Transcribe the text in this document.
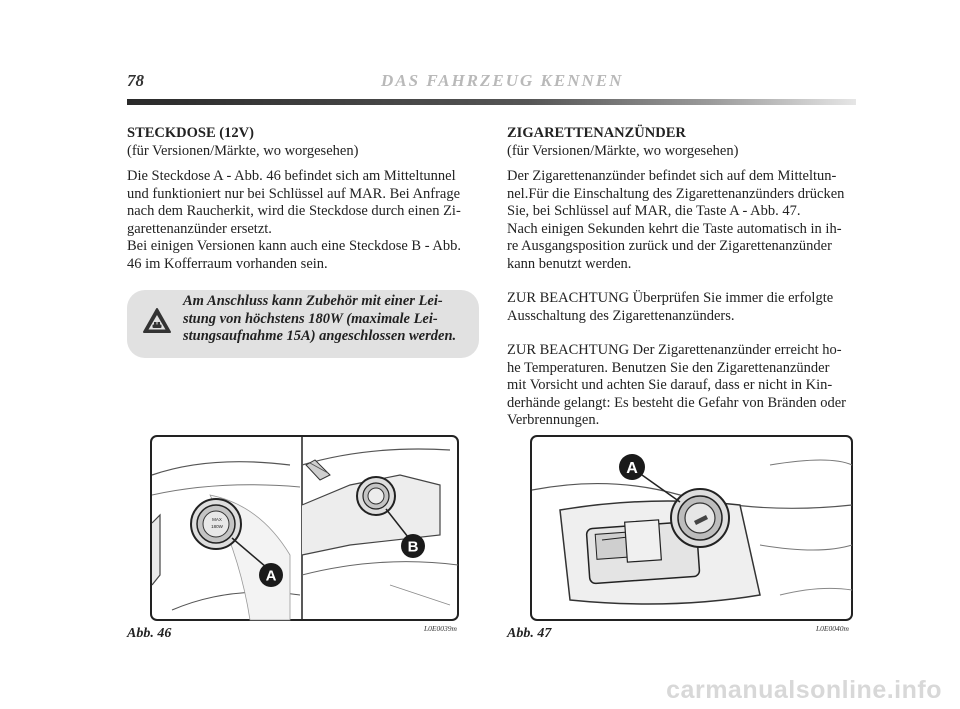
78	DAS FAHRZEUG KENNEN

STECKDOSE (12V)

(für Versionen/Märkte, wo worgesehen)

Die Steckdose A - Abb. 46 befindet sich am Mitteltunnel

und funktioniert nur bei Schlüssel auf MAR. Bei Anfrage

nach dem Raucherkit, wird die Steckdose durch einen Zi-

garettenanzünder ersetzt.

Bei einigen Versionen kann auch eine Steckdose B - Abb.

46 im Kofferraum vorhanden sein.

Am Anschluss kann Zubehör mit einer Lei-
stung von höchstens 180W (maximale Lei-
stungsaufnahme 15A) angeschlossen werden.

ZIGARETTENANZÜNDER

(für Versionen/Märkte, wo worgesehen)

Der Zigarettenanzünder befindet sich auf dem Mitteltun-

nel.Für die Einschaltung des Zigarettenanzünders drücken

Sie, bei Schlüssel auf MAR, die Taste A - Abb. 47.

Nach einigen Sekunden kehrt die Taste automatisch in ih-

re Ausgangsposition zurück und der Zigarettenanzünder

kann benutzt werden.

ZUR BEACHTUNG Überprüfen Sie immer die erfolgte

Ausschaltung des Zigarettenanzünders.

ZUR BEACHTUNG Der Zigarettenanzünder erreicht ho-

he Temperaturen. Benutzen Sie den Zigarettenanzünder

mit Vorsicht und achten Sie darauf, dass er nicht in Kin-

derhände gelangt: Es besteht die Gefahr von Bränden oder

Verbrennungen.

MAX
180W
A
B
Abb. 46	L0E0039m
A
Abb. 47	L0E0040m
carmanualsonline.info
